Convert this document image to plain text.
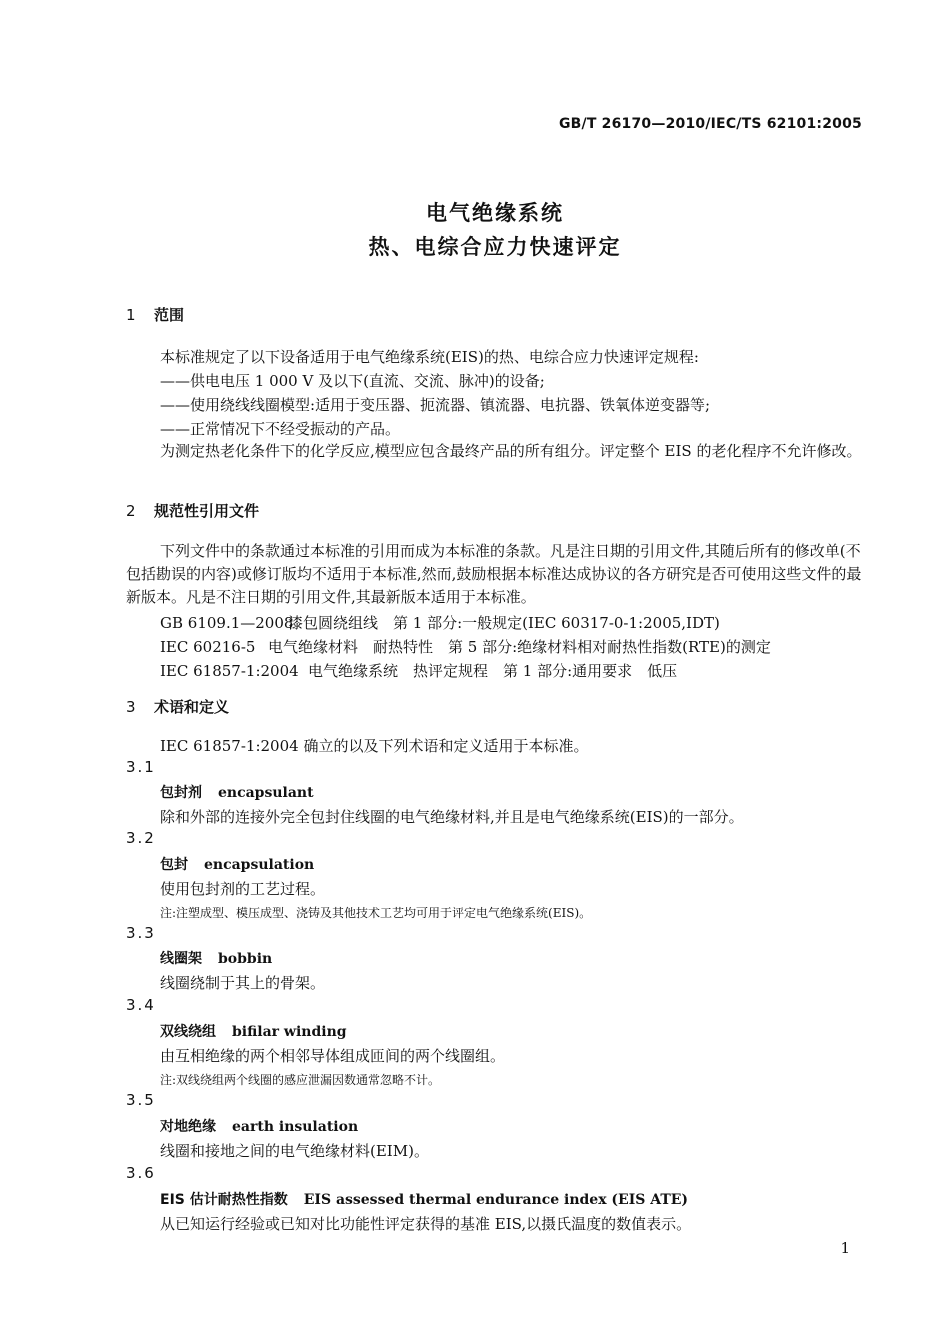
GB/T 26170—2010/IEC/TS 62101:2005
电气绝缘系统
热、电综合应力快速评定
1 范围
本标准规定了以下设备适用于电气绝缘系统(EIS)的热、电综合应力快速评定规程:
——供电电压 1 000 V 及以下(直流、交流、脉冲)的设备;
——使用绕线线圈模型:适用于变压器、扼流器、镇流器、电抗器、铁氧体逆变器等;
——正常情况下不经受振动的产品。
为测定热老化条件下的化学反应,模型应包含最终产品的所有组分。评定整个 EIS 的老化程序不允许修改。
2 规范性引用文件
下列文件中的条款通过本标准的引用而成为本标准的条款。凡是注日期的引用文件,其随后所有的修改单(不包括勘误的内容)或修订版均不适用于本标准,然而,鼓励根据本标准达成协议的各方研究是否可使用这些文件的最新版本。凡是不注日期的引用文件,其最新版本适用于本标准。
GB 6109.1—2008漆包圆绕组线　第 1 部分:一般规定(IEC 60317-0-1:2005,IDT)
IEC 60216-5 电气绝缘材料　耐热特性　第 5 部分:绝缘材料相对耐热性指数(RTE)的测定
IEC 61857-1:2004 电气绝缘系统　热评定规程　第 1 部分:通用要求　低压
3 术语和定义
IEC 61857-1:2004 确立的以及下列术语和定义适用于本标准。
3.1
包封剂 encapsulant
除和外部的连接外完全包封住线圈的电气绝缘材料,并且是电气绝缘系统(EIS)的一部分。
3.2
包封 encapsulation
使用包封剂的工艺过程。
注:注塑成型、模压成型、浇铸及其他技术工艺均可用于评定电气绝缘系统(EIS)。
3.3
线圈架 bobbin
线圈绕制于其上的骨架。
3.4
双线绕组 bifilar winding
由互相绝缘的两个相邻导体组成匝间的两个线圈组。
注:双线绕组两个线圈的感应泄漏因数通常忽略不计。
3.5
对地绝缘 earth insulation
线圈和接地之间的电气绝缘材料(EIM)。
3.6
EIS 估计耐热性指数 EIS assessed thermal endurance index (EIS ATE)
从已知运行经验或已知对比功能性评定获得的基准 EIS,以摄氏温度的数值表示。
1
